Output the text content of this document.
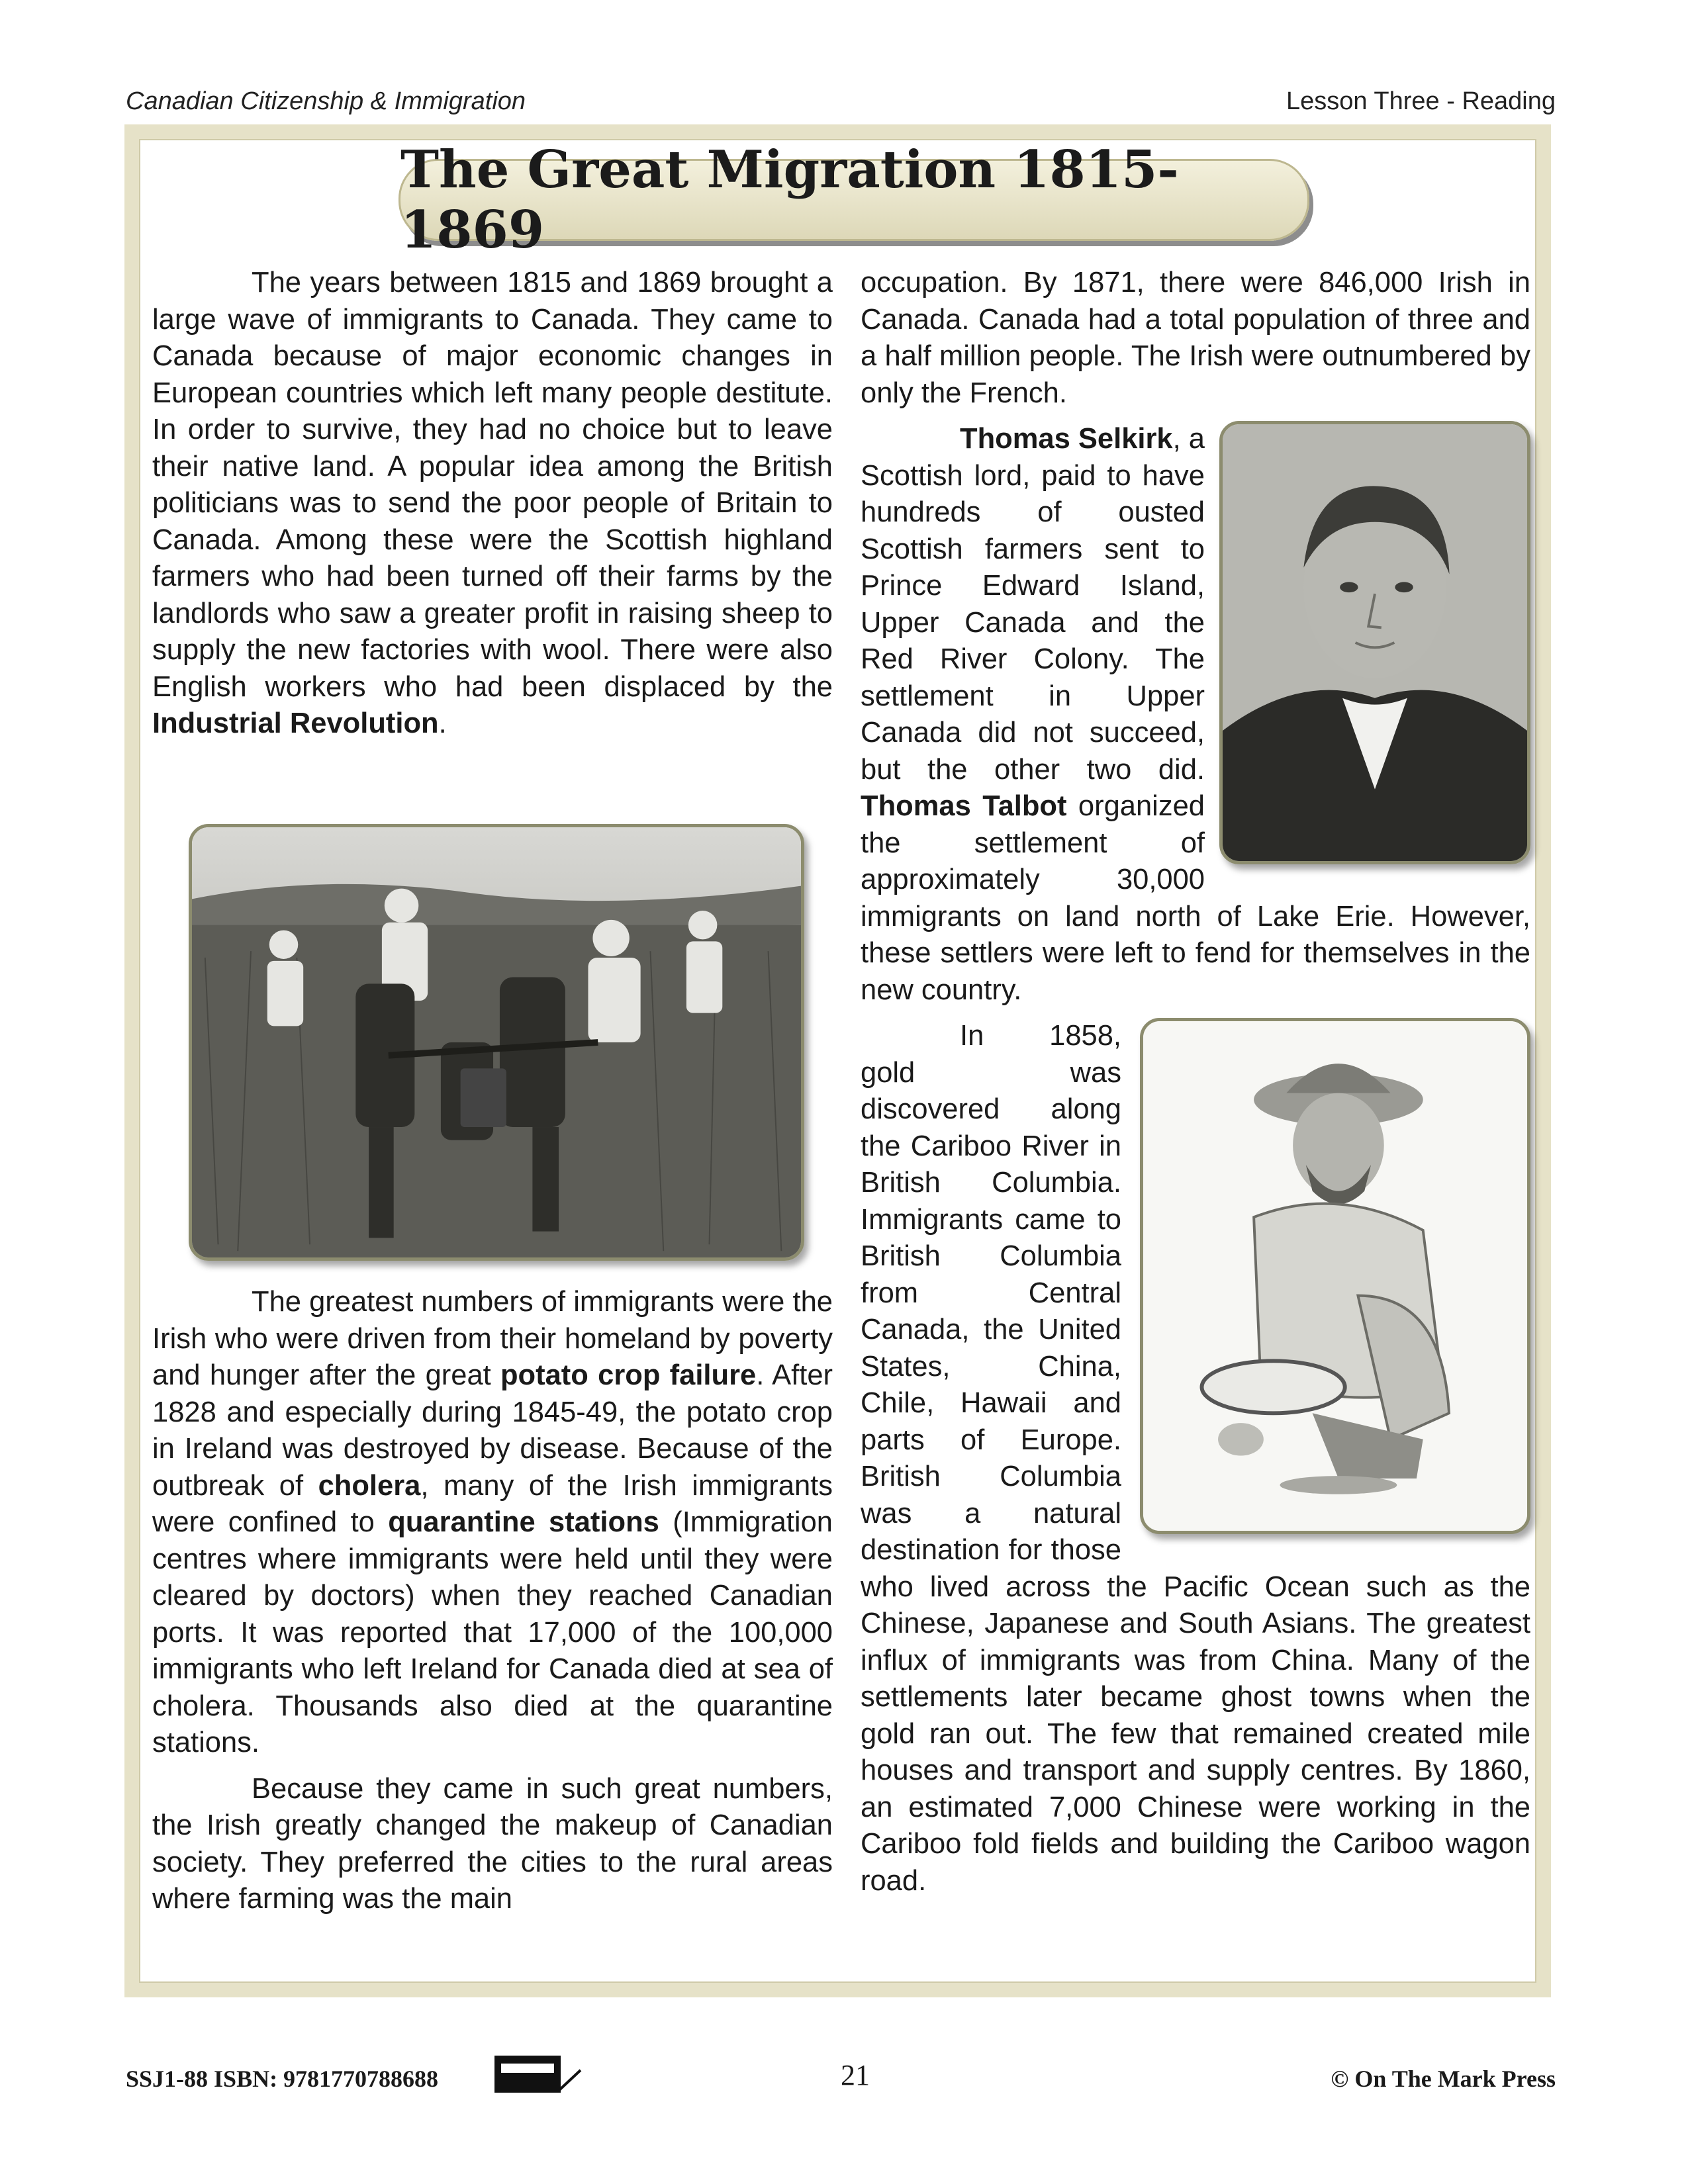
Canadian Citizenship & Immigration	Lesson Three - Reading
The Great Migration 1815-1869

The years between 1815 and 1869 brought a large wave of immigrants to Canada. They came to Canada because of major economic changes in European countries which left many people destitute. In order to survive, they had no choice but to leave their native land. A popular idea among the British politicians was to send the poor people of Britain to Canada. Among these were the Scottish highland farmers who had been turned off their farms by the landlords who saw a greater profit in raising sheep to supply the new factories with wool. There were also English workers who had been displaced by the Industrial Revolution.

The greatest numbers of immigrants were the Irish who were driven from their homeland by poverty and hunger after the great potato crop failure. After 1828 and especially during 1845-49, the potato crop in Ireland was destroyed by disease. Because of the outbreak of cholera, many of the Irish immigrants were confined to quarantine stations (Immigration centres where immigrants were held until they were cleared by doctors) when they reached Canadian ports. It was reported that 17,000 of the 100,000 immigrants who left Ireland for Canada died at sea of cholera. Thousands also died at the quarantine stations.

Because they came in such great numbers, the Irish greatly changed the makeup of Canadian society. They preferred the cities to the rural areas where farming was the main

occupation. By 1871, there were 846,000 Irish in Canada. Canada had a total population of three and a half million people. The Irish were outnumbered by only the French.

Thomas Selkirk, a Scottish lord, paid to have hundreds of ousted Scottish farmers sent to Prince Edward Island, Upper Canada and the Red River Colony. The settlement in Upper Canada did not succeed, but the other two did. Thomas Talbot organized the settlement of approximately 30,000 immigrants on land north of Lake Erie. However, these settlers were left to fend for themselves in the new country.

In 1858, gold was discovered along the Cariboo River in British Columbia. Immigrants came to British Columbia from Central Canada, the United States, China, Chile, Hawaii and parts of Europe. British Columbia was a natural destination for those who lived across the Pacific Ocean such as the Chinese, Japanese and South Asians. The greatest influx of immigrants was from China. Many of the settlements later became ghost towns when the gold ran out. The few that remained created mile houses and transport and supply centres. By 1860, an estimated 7,000 Chinese were working in the Cariboo fold fields and building the Cariboo wagon road.

SSJ1-88 ISBN: 9781770788688	21	© On The Mark Press
